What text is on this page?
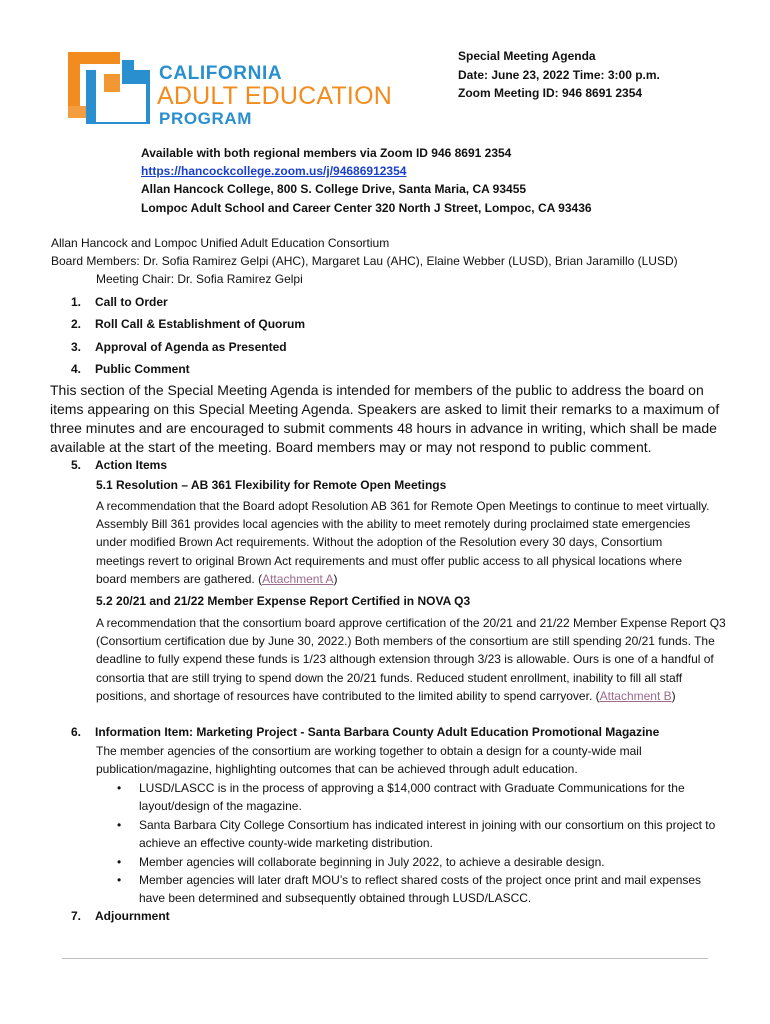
CALIFORNIA
ADULT EDUCATION
PROGRAM
Special Meeting Agenda
Date: June 23, 2022 Time: 3:00 p.m.
Zoom Meeting ID: 946 8691 2354
Available with both regional members via Zoom ID 946 8691 2354
https://hancockcollege.zoom.us/j/94686912354
Allan Hancock College, 800 S. College Drive, Santa Maria, CA 93455
Lompoc Adult School and Career Center 320 North J Street, Lompoc, CA 93436
Allan Hancock and Lompoc Unified Adult Education Consortium
Board Members: Dr. Sofia Ramirez Gelpi (AHC), Margaret Lau (AHC), Elaine Webber (LUSD), Brian Jaramillo (LUSD)
Meeting Chair: Dr. Sofia Ramirez Gelpi
1. Call to Order
2. Roll Call & Establishment of Quorum
3. Approval of Agenda as Presented
4. Public Comment
This section of the Special Meeting Agenda is intended for members of the public to address the board on items appearing on this Special Meeting Agenda. Speakers are asked to limit their remarks to a maximum of three minutes and are encouraged to submit comments 48 hours in advance in writing, which shall be made available at the start of the meeting. Board members may or may not respond to public comment.
5. Action Items
5.1 Resolution – AB 361 Flexibility for Remote Open Meetings
A recommendation that the Board adopt Resolution AB 361 for Remote Open Meetings to continue to meet virtually. Assembly Bill 361 provides local agencies with the ability to meet remotely during proclaimed state emergencies under modified Brown Act requirements. Without the adoption of the Resolution every 30 days, Consortium meetings revert to original Brown Act requirements and must offer public access to all physical locations where board members are gathered. (Attachment A)
5.2 20/21 and 21/22 Member Expense Report Certified in NOVA Q3
A recommendation that the consortium board approve certification of the 20/21 and 21/22 Member Expense Report Q3 (Consortium certification due by June 30, 2022.) Both members of the consortium are still spending 20/21 funds. The deadline to fully expend these funds is 1/23 although extension through 3/23 is allowable. Ours is one of a handful of consortia that are still trying to spend down the 20/21 funds. Reduced student enrollment, inability to fill all staff positions, and shortage of resources have contributed to the limited ability to spend carryover. (Attachment B)
6. Information Item: Marketing Project - Santa Barbara County Adult Education Promotional Magazine
The member agencies of the consortium are working together to obtain a design for a county-wide mail publication/magazine, highlighting outcomes that can be achieved through adult education.
• LUSD/LASCC is in the process of approving a $14,000 contract with Graduate Communications for the layout/design of the magazine.
• Santa Barbara City College Consortium has indicated interest in joining with our consortium on this project to achieve an effective county-wide marketing distribution.
• Member agencies will collaborate beginning in July 2022, to achieve a desirable design.
• Member agencies will later draft MOU’s to reflect shared costs of the project once print and mail expenses have been determined and subsequently obtained through LUSD/LASCC.
7. Adjournment
